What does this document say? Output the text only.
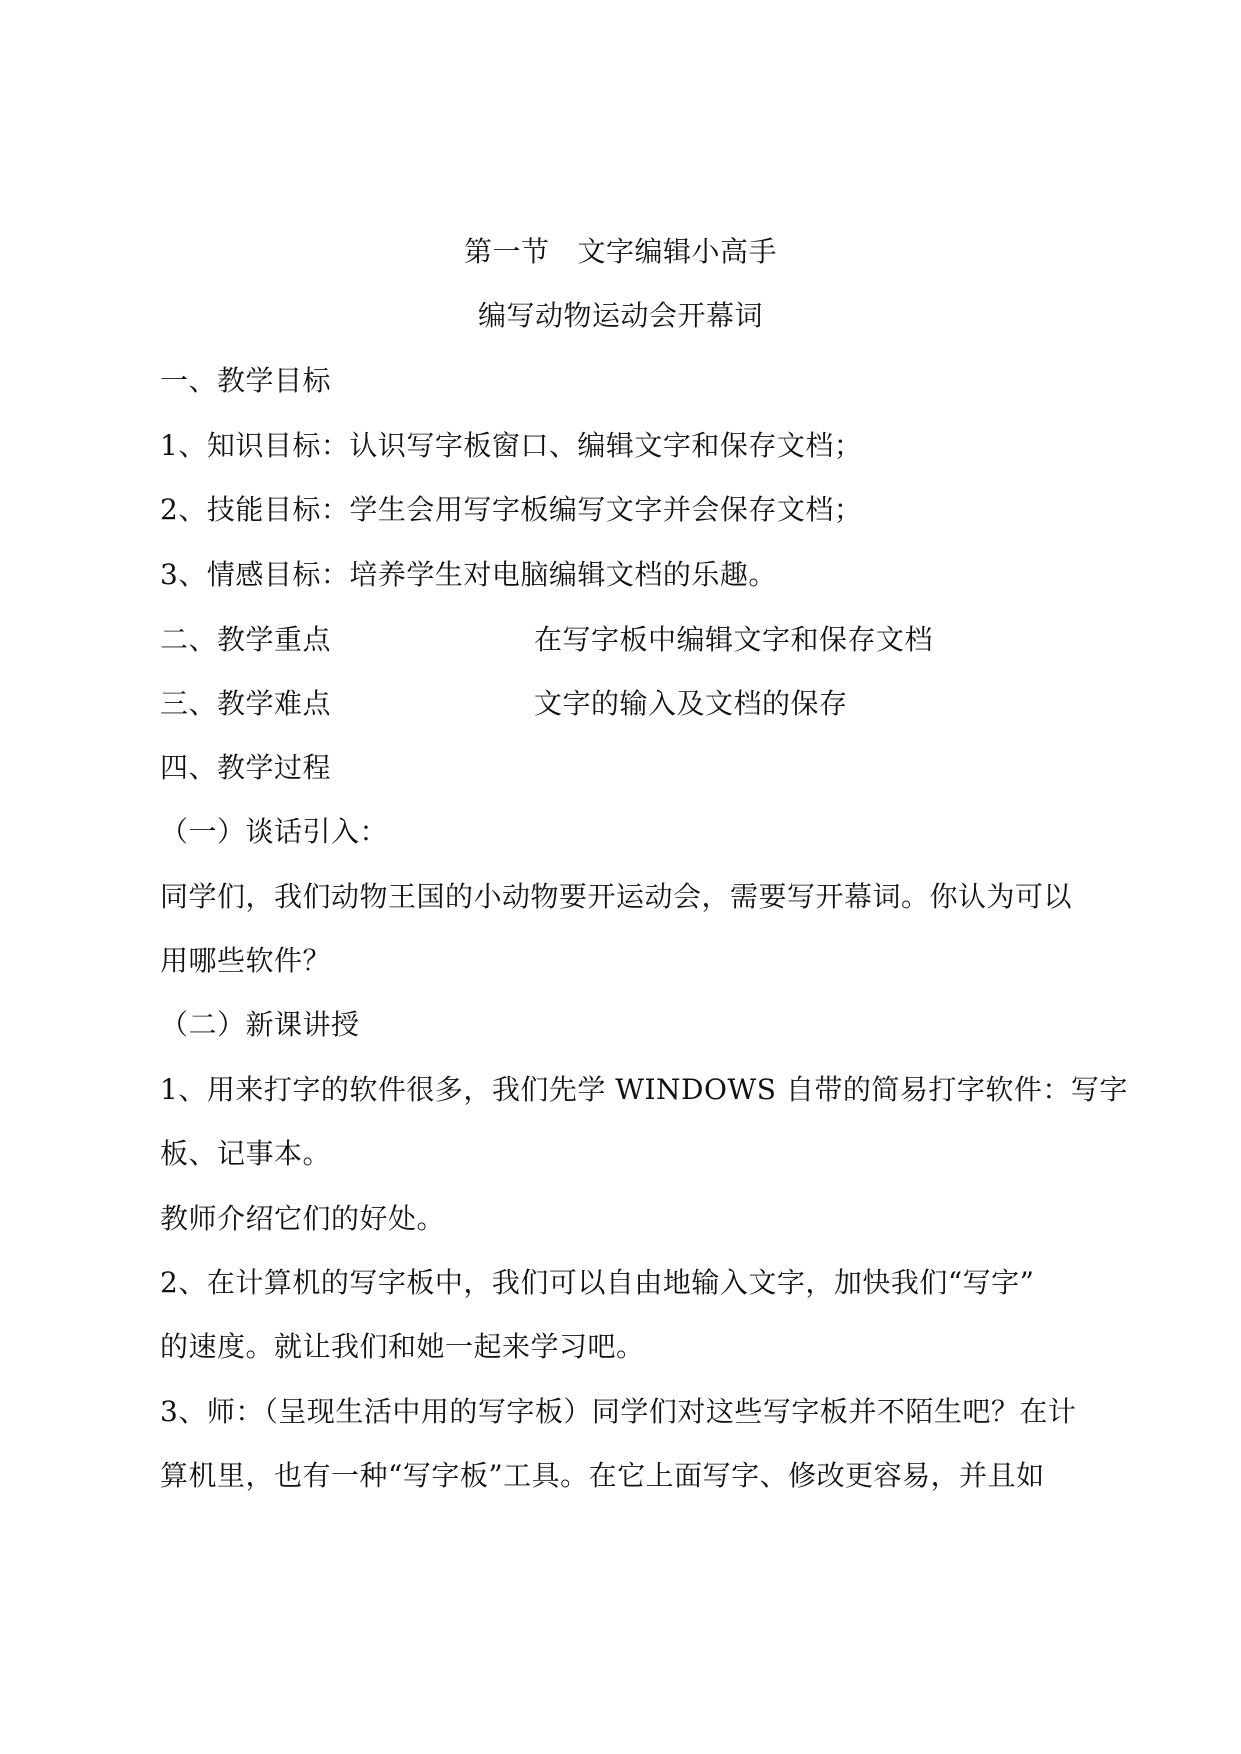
第一节 文字编辑小高手
编写动物运动会开幕词
一、教学目标
1、知识目标：认识写字板窗口、编辑文字和保存文档；
2、技能目标：学生会用写字板编写文字并会保存文档；
3、情感目标：培养学生对电脑编辑文档的乐趣。
二、教学重点	在写字板中编辑文字和保存文档
三、教学难点	文字的输入及文档的保存
四、教学过程
（一）谈话引入：
同学们，我们动物王国的小动物要开运动会，需要写开幕词。你认为可以
用哪些软件？
（二）新课讲授
1、用来打字的软件很多，我们先学 WINDOWS 自带的简易打字软件：写字
板、记事本。
教师介绍它们的好处。
2、在计算机的写字板中，我们可以自由地输入文字，加快我们“写字”
的速度。就让我们和她一起来学习吧。
3、师：（呈现生活中用的写字板）同学们对这些写字板并不陌生吧？在计
算机里，也有一种“写字板”工具。在它上面写字、修改更容易，并且如
